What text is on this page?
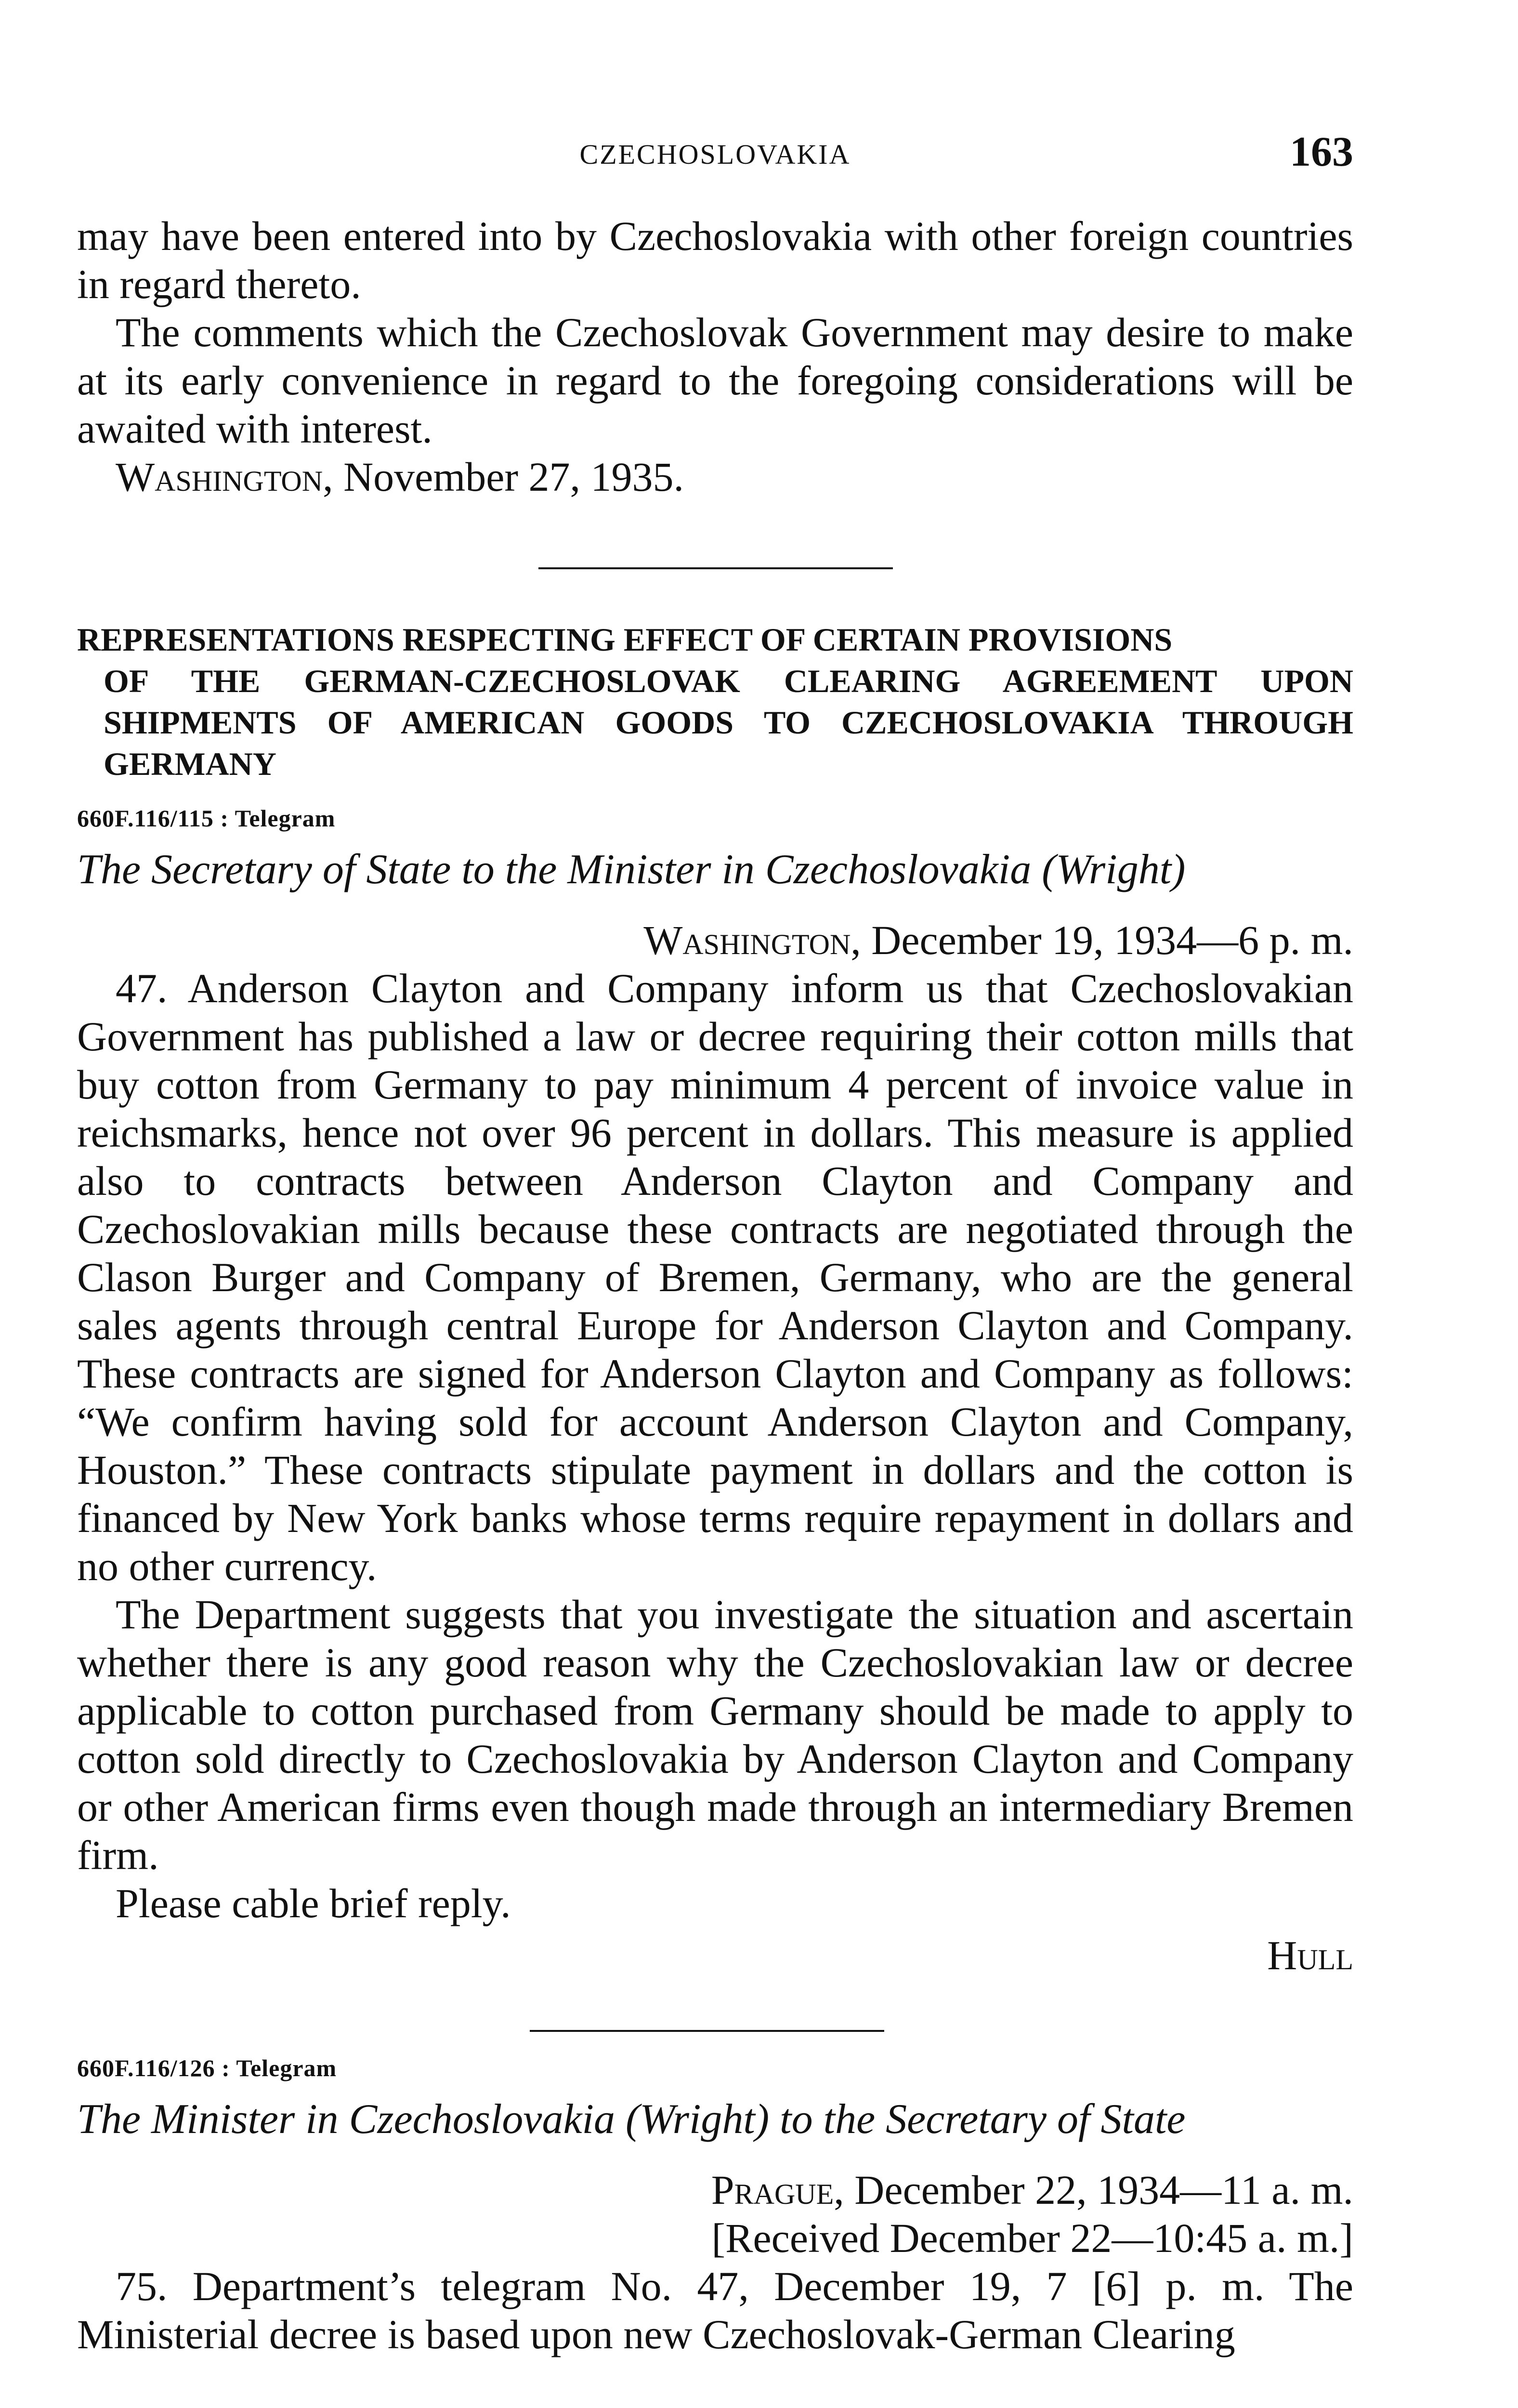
CZECHOSLOVAKIA	163

may have been entered into by Czechoslovakia with other foreign countries in regard thereto.

The comments which the Czechoslovak Government may desire to make at its early convenience in regard to the foregoing considerations will be awaited with interest.

Washington, November 27, 1935.

REPRESENTATIONS RESPECTING EFFECT OF CERTAIN PROVISIONS

OF THE GERMAN-CZECHOSLOVAK CLEARING AGREEMENT UPON SHIPMENTS OF AMERICAN GOODS TO CZECHOSLOVAKIA THROUGH GERMANY

660F.116/115 : Telegram

The Secretary of State to the Minister in Czechoslovakia (Wright)

Washington, December 19, 1934—6 p. m.

47. Anderson Clayton and Company inform us that Czechoslovakian Government has published a law or decree requiring their cotton mills that buy cotton from Germany to pay minimum 4 percent of invoice value in reichsmarks, hence not over 96 percent in dollars. This measure is applied also to contracts between Anderson Clayton and Company and Czechoslovakian mills because these contracts are negotiated through the Clason Burger and Company of Bremen, Germany, who are the general sales agents through central Europe for Anderson Clayton and Company. These contracts are signed for Anderson Clayton and Company as follows: “We confirm having sold for account Anderson Clayton and Company, Houston.” These contracts stipulate payment in dollars and the cotton is financed by New York banks whose terms require repayment in dollars and no other currency.

The Department suggests that you investigate the situation and ascertain whether there is any good reason why the Czechoslovakian law or decree applicable to cotton purchased from Germany should be made to apply to cotton sold directly to Czechoslovakia by Anderson Clayton and Company or other American firms even though made through an intermediary Bremen firm.

Please cable brief reply.

Hull

660F.116/126 : Telegram

The Minister in Czechoslovakia (Wright) to the Secretary of State

Prague, December 22, 1934—11 a. m.

[Received December 22—10:45 a. m.]

75. Department’s telegram No. 47, December 19, 7 [6] p. m. The Ministerial decree is based upon new Czechoslovak-German Clearing
